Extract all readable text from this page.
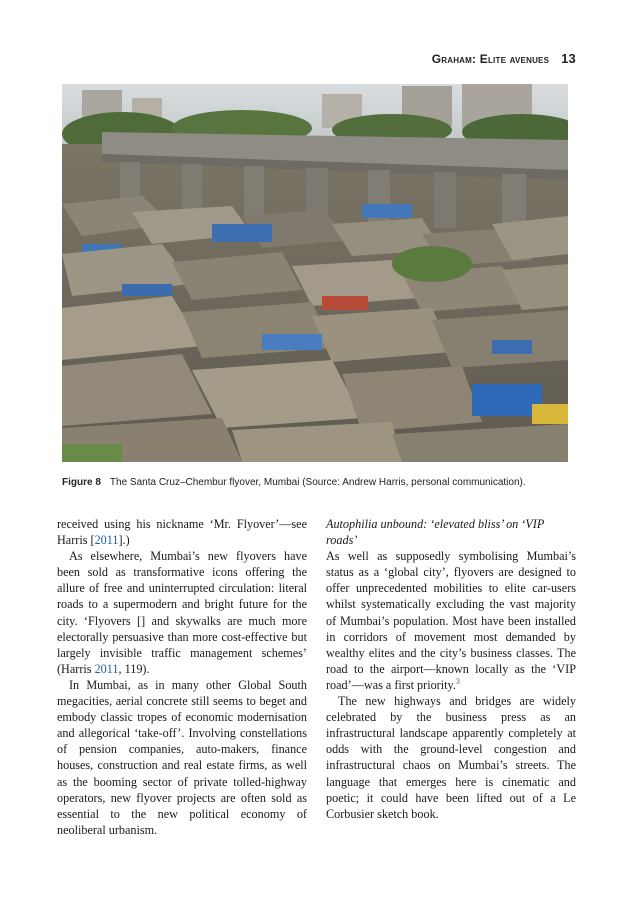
Graham: Elite avenues 13
Figure 8 The Santa Cruz–Chembur flyover, Mumbai (Source: Andrew Harris, personal communication).

received using his nickname ‘Mr. Flyover’—see Harris [2011].)

As elsewhere, Mumbai’s new flyovers have been sold as transformative icons offering the allure of free and uninterrupted circulation: literal roads to a supermodern and bright future for the city. ‘Flyovers [] and skywalks are much more electorally persuasive than more cost-effective but largely invisible traffic management schemes’ (Harris 2011, 119).

In Mumbai, as in many other Global South megacities, aerial concrete still seems to beget and embody classic tropes of economic modernisation and allegorical ‘take-off’. Involving constellations of pension companies, auto-makers, finance houses, construction and real estate firms, as well as the booming sector of private tolled-highway operators, new flyover projects are often sold as essential to the new political economy of neoliberal urbanism.

Autophilia unbound: ‘elevated bliss’ on ‘VIP roads’

As well as supposedly symbolising Mumbai’s status as a ‘global city’, flyovers are designed to offer unprecedented mobilities to elite car-users whilst systematically excluding the vast majority of Mumbai’s population. Most have been installed in corridors of movement most demanded by wealthy elites and the city’s business classes. The road to the airport—known locally as the ‘VIP road’—was a first priority.$^3$

The new highways and bridges are widely celebrated by the business press as an infrastructural landscape apparently completely at odds with the ground-level congestion and infrastructural chaos on Mumbai’s streets. The language that emerges here is cinematic and poetic; it could have been lifted out of a Le Corbusier sketch book.
